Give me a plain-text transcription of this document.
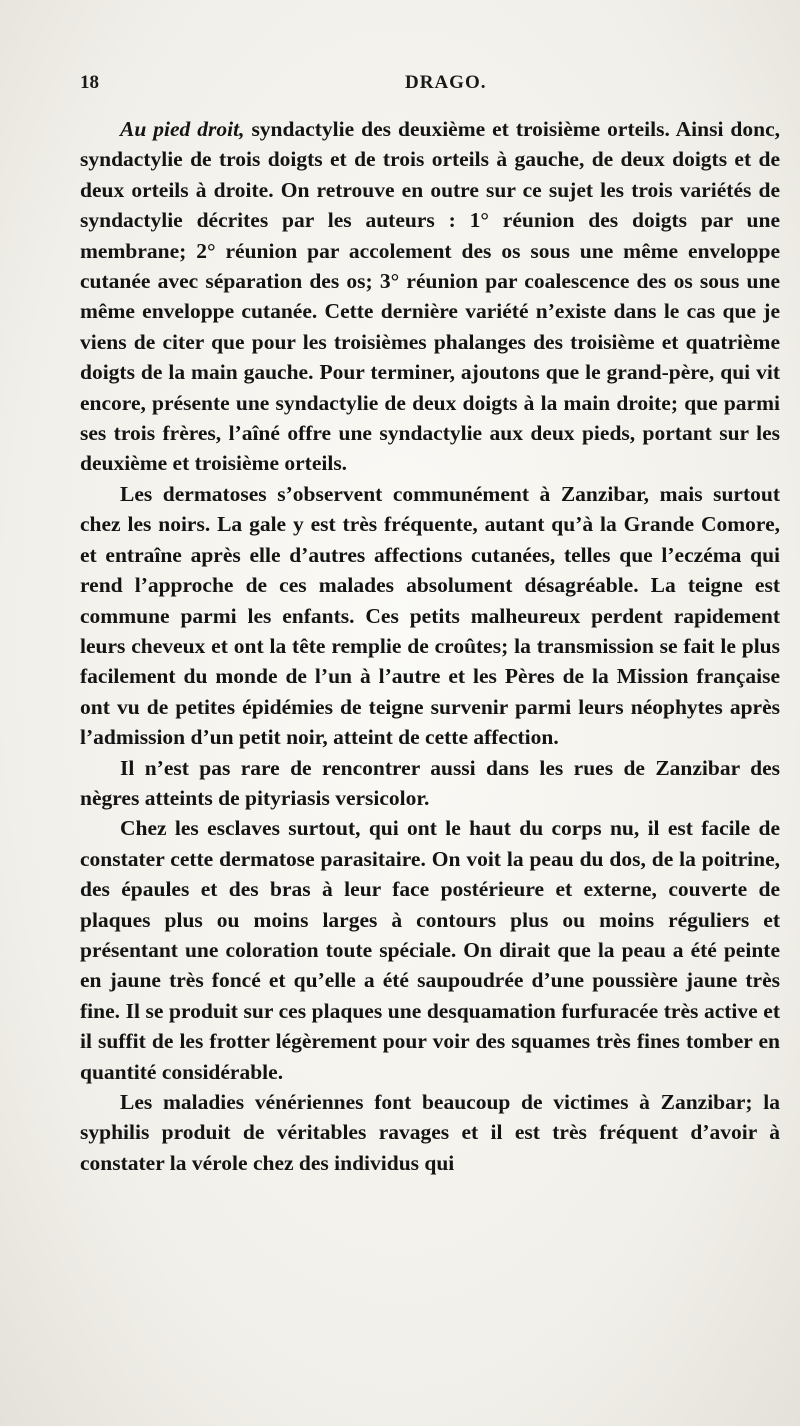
18	DRAGO.

Au pied droit, syndactylie des deuxième et troisième orteils. Ainsi donc, syndactylie de trois doigts et de trois orteils à gauche, de deux doigts et de deux orteils à droite. On retrouve en outre sur ce sujet les trois variétés de syndactylie décrites par les auteurs : 1° réunion des doigts par une membrane; 2° réunion par accolement des os sous une même enveloppe cutanée avec séparation des os; 3° réunion par coalescence des os sous une même enveloppe cutanée. Cette dernière variété n’existe dans le cas que je viens de citer que pour les troisièmes phalanges des troisième et quatrième doigts de la main gauche. Pour terminer, ajoutons que le grand-père, qui vit encore, présente une syndactylie de deux doigts à la main droite; que parmi ses trois frères, l’aîné offre une syndactylie aux deux pieds, portant sur les deuxième et troisième orteils.

Les dermatoses s’observent communément à Zanzibar, mais surtout chez les noirs. La gale y est très fréquente, autant qu’à la Grande Comore, et entraîne après elle d’autres affections cutanées, telles que l’eczéma qui rend l’approche de ces malades absolument désagréable. La teigne est commune parmi les enfants. Ces petits malheureux perdent rapidement leurs cheveux et ont la tête remplie de croûtes; la transmission se fait le plus facilement du monde de l’un à l’autre et les Pères de la Mission française ont vu de petites épidémies de teigne survenir parmi leurs néophytes après l’admission d’un petit noir, atteint de cette affection.

Il n’est pas rare de rencontrer aussi dans les rues de Zanzibar des nègres atteints de pityriasis versicolor.

Chez les esclaves surtout, qui ont le haut du corps nu, il est facile de constater cette dermatose parasitaire. On voit la peau du dos, de la poitrine, des épaules et des bras à leur face postérieure et externe, couverte de plaques plus ou moins larges à contours plus ou moins réguliers et présentant une coloration toute spéciale. On dirait que la peau a été peinte en jaune très foncé et qu’elle a été saupoudrée d’une poussière jaune très fine. Il se produit sur ces plaques une desquamation furfuracée très active et il suffit de les frotter légèrement pour voir des squames très fines tomber en quantité considérable.

Les maladies vénériennes font beaucoup de victimes à Zanzibar; la syphilis produit de véritables ravages et il est très fréquent d’avoir à constater la vérole chez des individus qui
